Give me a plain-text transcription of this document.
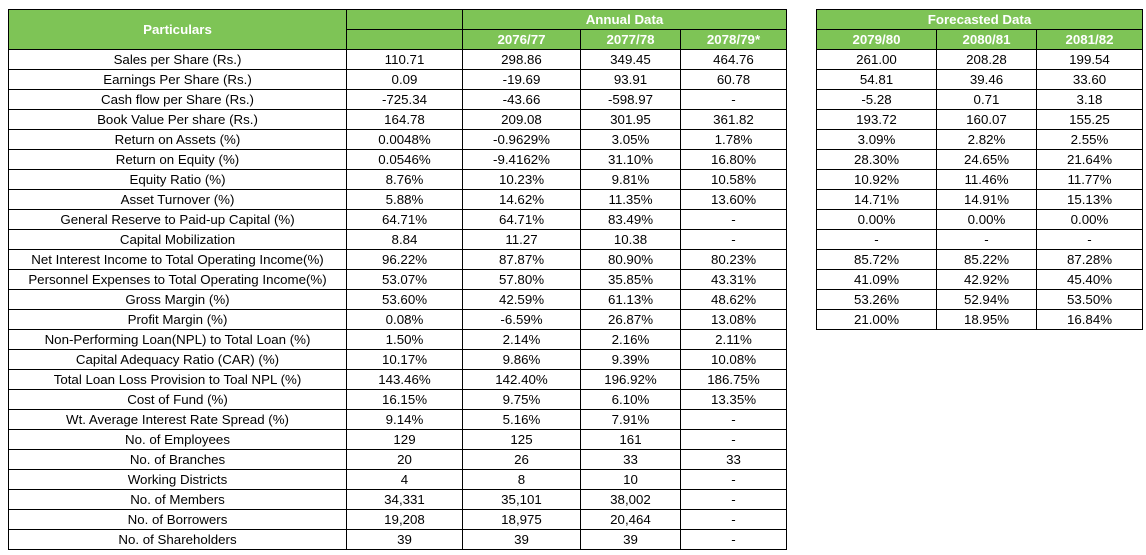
Particulars		Annual Data		
		2076/77	2077/78	2078/79*
Sales per Share (Rs.)	110.71	298.86	349.45	464.76
Earnings Per Share (Rs.)	0.09	-19.69	93.91	60.78
Cash flow per Share (Rs.)	-725.34	-43.66	-598.97	-
Book Value Per share (Rs.)	164.78	209.08	301.95	361.82
Return on Assets (%)	0.0048%	-0.9629%	3.05%	1.78%
Return on Equity (%)	0.0546%	-9.4162%	31.10%	16.80%
Equity Ratio (%)	8.76%	10.23%	9.81%	10.58%
Asset Turnover (%)	5.88%	14.62%	11.35%	13.60%
General Reserve to Paid-up Capital (%)	64.71%	64.71%	83.49%	-
Capital Mobilization	8.84	11.27	10.38	-
Net Interest Income to Total Operating Income(%)	96.22%	87.87%	80.90%	80.23%
Personnel Expenses to Total Operating Income(%)	53.07%	57.80%	35.85%	43.31%
Gross Margin (%)	53.60%	42.59%	61.13%	48.62%
Profit Margin (%)	0.08%	-6.59%	26.87%	13.08%
Non-Performing Loan(NPL) to Total Loan (%)	1.50%	2.14%	2.16%	2.11%
Capital Adequacy Ratio (CAR) (%)	10.17%	9.86%	9.39%	10.08%
Total Loan Loss Provision to Toal NPL (%)	143.46%	142.40%	196.92%	186.75%
Cost of Fund (%)	16.15%	9.75%	6.10%	13.35%
Wt. Average Interest Rate Spread (%)	9.14%	5.16%	7.91%	-
No. of Employees	129	125	161	-
No. of Branches	20	26	33	33
Working Districts	4	8	10	-
No. of Members	34,331	35,101	38,002	-
No. of Borrowers	19,208	18,975	20,464	-
No. of Shareholders	39	39	39	-
Forecasted Data		
2079/80	2080/81	2081/82
261.00	208.28	199.54
54.81	39.46	33.60
-5.28	0.71	3.18
193.72	160.07	155.25
3.09%	2.82%	2.55%
28.30%	24.65%	21.64%
10.92%	11.46%	11.77%
14.71%	14.91%	15.13%
0.00%	0.00%	0.00%
-	-	-
85.72%	85.22%	87.28%
41.09%	42.92%	45.40%
53.26%	52.94%	53.50%
21.00%	18.95%	16.84%
